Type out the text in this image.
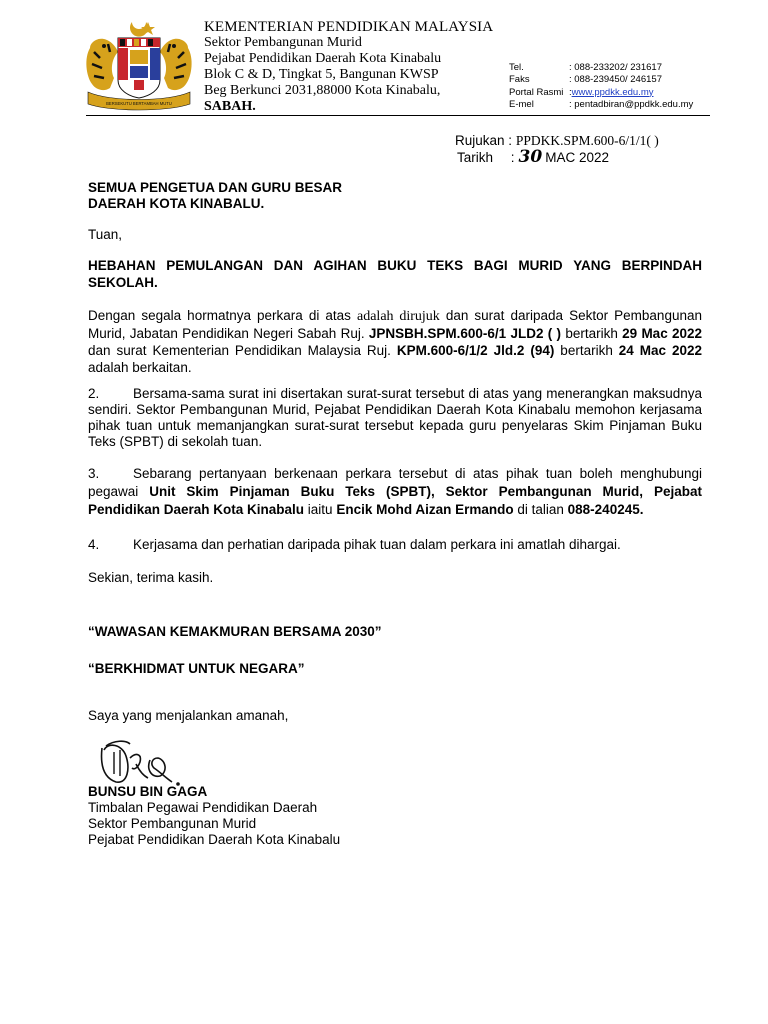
BERSEKUTU BERTAMBAH MUTU
KEMENTERIAN PENDIDIKAN MALAYSIA
Sektor Pembangunan Murid
Pejabat Pendidikan Daerah Kota Kinabalu
Blok C & D, Tingkat 5, Bangunan KWSP
Beg Berkunci 2031,88000 Kota Kinabalu,
SABAH.
Tel.	: 088-233202/ 231617
Faks	: 088-239450/ 246157
Portal Rasmi : www.ppdkk.edu.my
E-mel	: pentadbiran@ppdkk.edu.my
Rujukan : PPDKK.SPM.600-6/1/1( )
Tarikh : 30 MAC 2022
SEMUA PENGETUA DAN GURU BESAR
DAERAH KOTA KINABALU.
Tuan,
HEBAHAN PEMULANGAN DAN AGIHAN BUKU TEKS BAGI MURID YANG BERPINDAH SEKOLAH.
Dengan segala hormatnya perkara di atas adalah dirujuk dan surat daripada Sektor Pembangunan Murid, Jabatan Pendidikan Negeri Sabah Ruj. JPNSBH.SPM.600-6/1 JLD2 ( ) bertarikh 29 Mac 2022 dan surat Kementerian Pendidikan Malaysia Ruj. KPM.600-6/1/2 Jld.2 (94) bertarikh 24 Mac 2022 adalah berkaitan.
2. Bersama-sama surat ini disertakan surat-surat tersebut di atas yang menerangkan maksudnya sendiri. Sektor Pembangunan Murid, Pejabat Pendidikan Daerah Kota Kinabalu memohon kerjasama pihak tuan untuk memanjangkan surat-surat tersebut kepada guru penyelaras Skim Pinjaman Buku Teks (SPBT) di sekolah tuan.
3. Sebarang pertanyaan berkenaan perkara tersebut di atas pihak tuan boleh menghubungi pegawai Unit Skim Pinjaman Buku Teks (SPBT), Sektor Pembangunan Murid, Pejabat Pendidikan Daerah Kota Kinabalu iaitu Encik Mohd Aizan Ermando di talian 088-240245.
4. Kerjasama dan perhatian daripada pihak tuan dalam perkara ini amatlah dihargai.
Sekian, terima kasih.
“WAWASAN KEMAKMURAN BERSAMA 2030”
“BERKHIDMAT UNTUK NEGARA”
Saya yang menjalankan amanah,
BUNSU BIN GAGA
Timbalan Pegawai Pendidikan Daerah
Sektor Pembangunan Murid
Pejabat Pendidikan Daerah Kota Kinabalu
